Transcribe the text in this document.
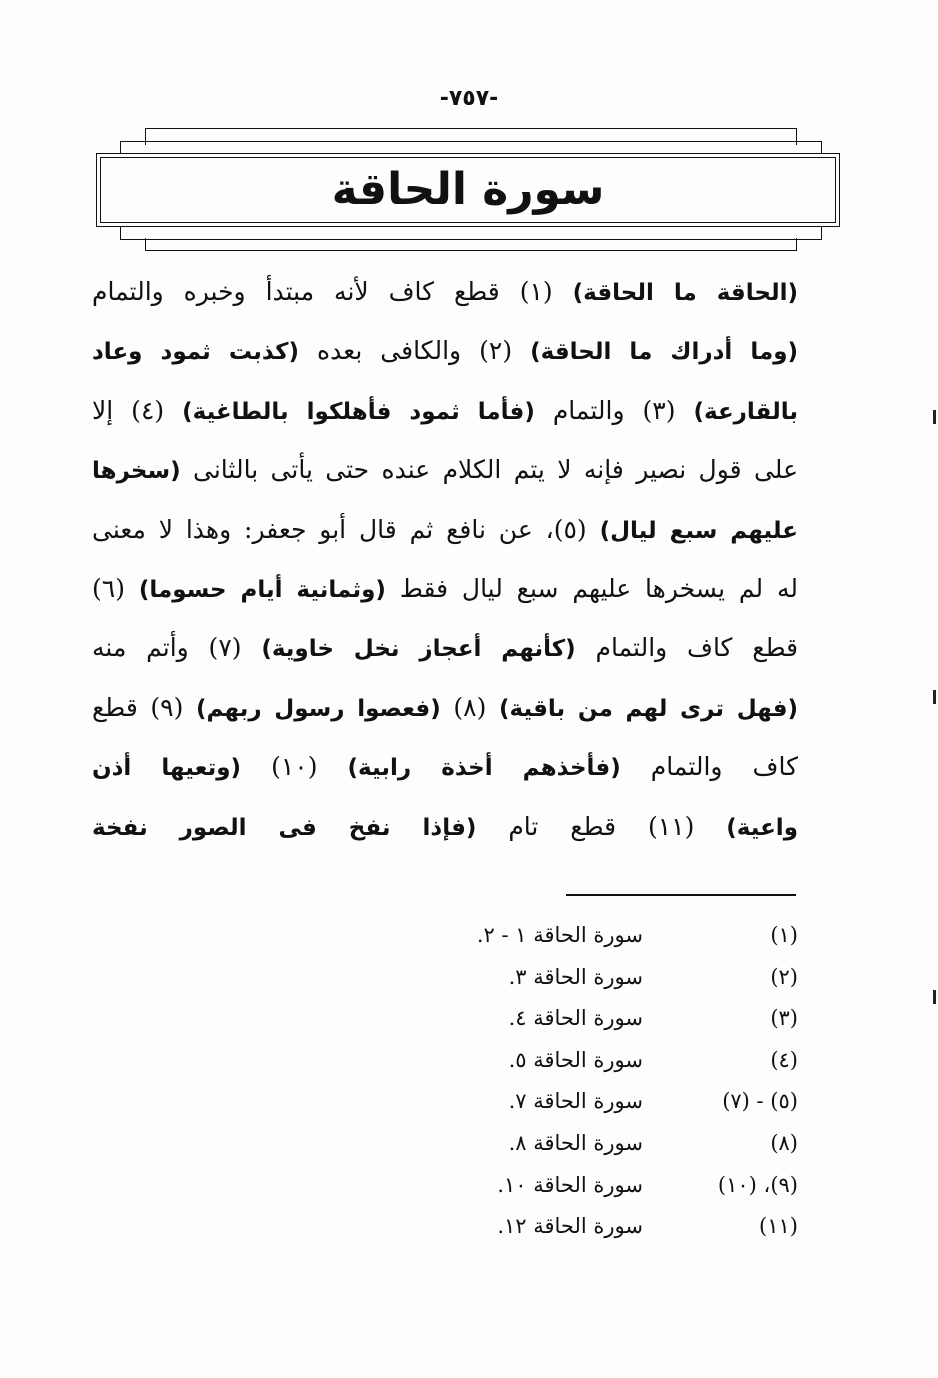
-٧٥٧-
سورة الحاقة
(الحاقة ما الحاقة) (١) قطع كاف لأنه مبتدأ وخبره والتمام
(وما أدراك ما الحاقة) (٢) والكافى بعده (كذبت ثمود وعاد
بالقارعة) (٣) والتمام (فأما ثمود فأهلكوا بالطاغية) (٤) إلا
على قول نصير فإنه لا يتم الكلام عنده حتى يأتى بالثانى (سخرها
عليهم سبع ليال) (٥)، عن نافع ثم قال أبو جعفر: وهذا لا معنى
له لم يسخرها عليهم سبع ليال فقط (وثمانية أيام حسوما) (٦)
قطع كاف والتمام (كأنهم أعجاز نخل خاوية) (٧) وأتم منه
(فهل ترى لهم من باقية) (٨) (فعصوا رسول ربهم) (٩) قطع
كاف والتمام (فأخذهم أخذة رابية) (١٠) (وتعيها أذن
واعية) (١١) قطع تام (فإذا نفخ فى الصور نفخة
(١)
سورة الحاقة ١ - ٢.
(٢)
سورة الحاقة ٣.
(٣)
سورة الحاقة ٤.
(٤)
سورة الحاقة ٥.
(٥) - (٧)
سورة الحاقة ٧.
(٨)
سورة الحاقة ٨.
(٩)، (١٠)
سورة الحاقة ١٠.
(١١)
سورة الحاقة ١٢.
